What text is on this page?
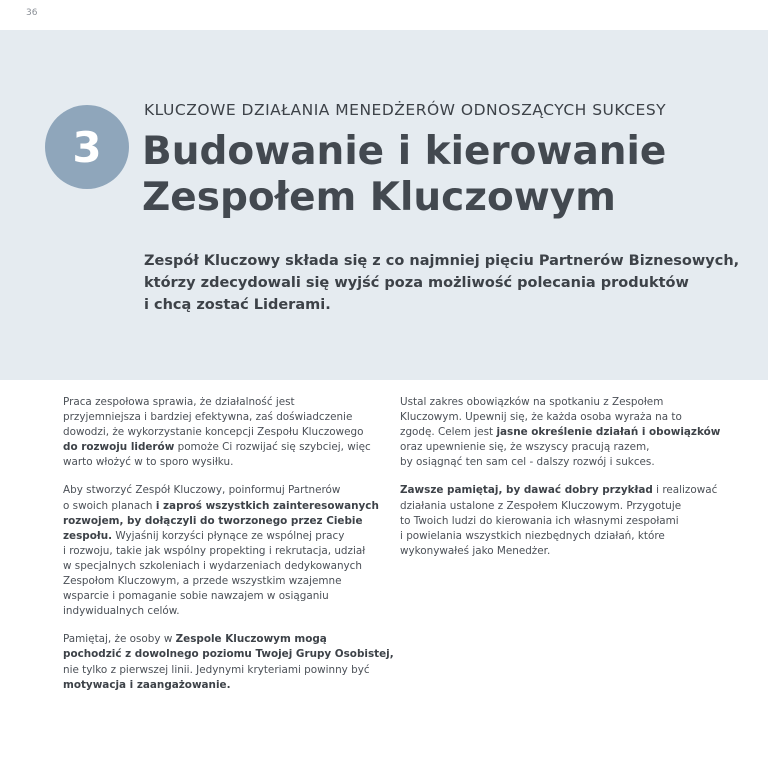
36
3
KLUCZOWE DZIAŁANIA MENEDŻERÓW ODNOSZĄCYCH SUKCESY
Budowanie i kierowanie
Zespołem Kluczowym

Zespół Kluczowy składa się z co najmniej pięciu Partnerów Biznesowych,
którzy zdecydowali się wyjść poza możliwość polecania produktów
i chcą zostać Liderami.

Praca zespołowa sprawia, że działalność jest
przyjemniejsza i bardziej efektywna, zaś doświadczenie
dowodzi, że wykorzystanie koncepcji Zespołu Kluczowego
do rozwoju liderów pomoże Ci rozwijać się szybciej, więc
warto włożyć w to sporo wysiłku.

Aby stworzyć Zespół Kluczowy, poinformuj Partnerów
o swoich planach i zaproś wszystkich zainteresowanych
rozwojem, by dołączyli do tworzonego przez Ciebie
zespołu. Wyjaśnij korzyści płynące ze wspólnej pracy
i rozwoju, takie jak wspólny propekting i rekrutacja, udział
w specjalnych szkoleniach i wydarzeniach dedykowanych
Zespołom Kluczowym, a przede wszystkim wzajemne
wsparcie i pomaganie sobie nawzajem w osiąganiu
indywidualnych celów.

Pamiętaj, że osoby w Zespole Kluczowym mogą
pochodzić z dowolnego poziomu Twojej Grupy Osobistej,
nie tylko z pierwszej linii. Jedynymi kryteriami powinny być
motywacja i zaangażowanie.

Ustal zakres obowiązków na spotkaniu z Zespołem
Kluczowym. Upewnij się, że każda osoba wyraża na to
zgodę. Celem jest jasne określenie działań i obowiązków
oraz upewnienie się, że wszyscy pracują razem,
by osiągnąć ten sam cel - dalszy rozwój i sukces.

Zawsze pamiętaj, by dawać dobry przykład i realizować
działania ustalone z Zespołem Kluczowym. Przygotuje
to Twoich ludzi do kierowania ich własnymi zespołami
i powielania wszystkich niezbędnych działań, które
wykonywałeś jako Menedżer.
